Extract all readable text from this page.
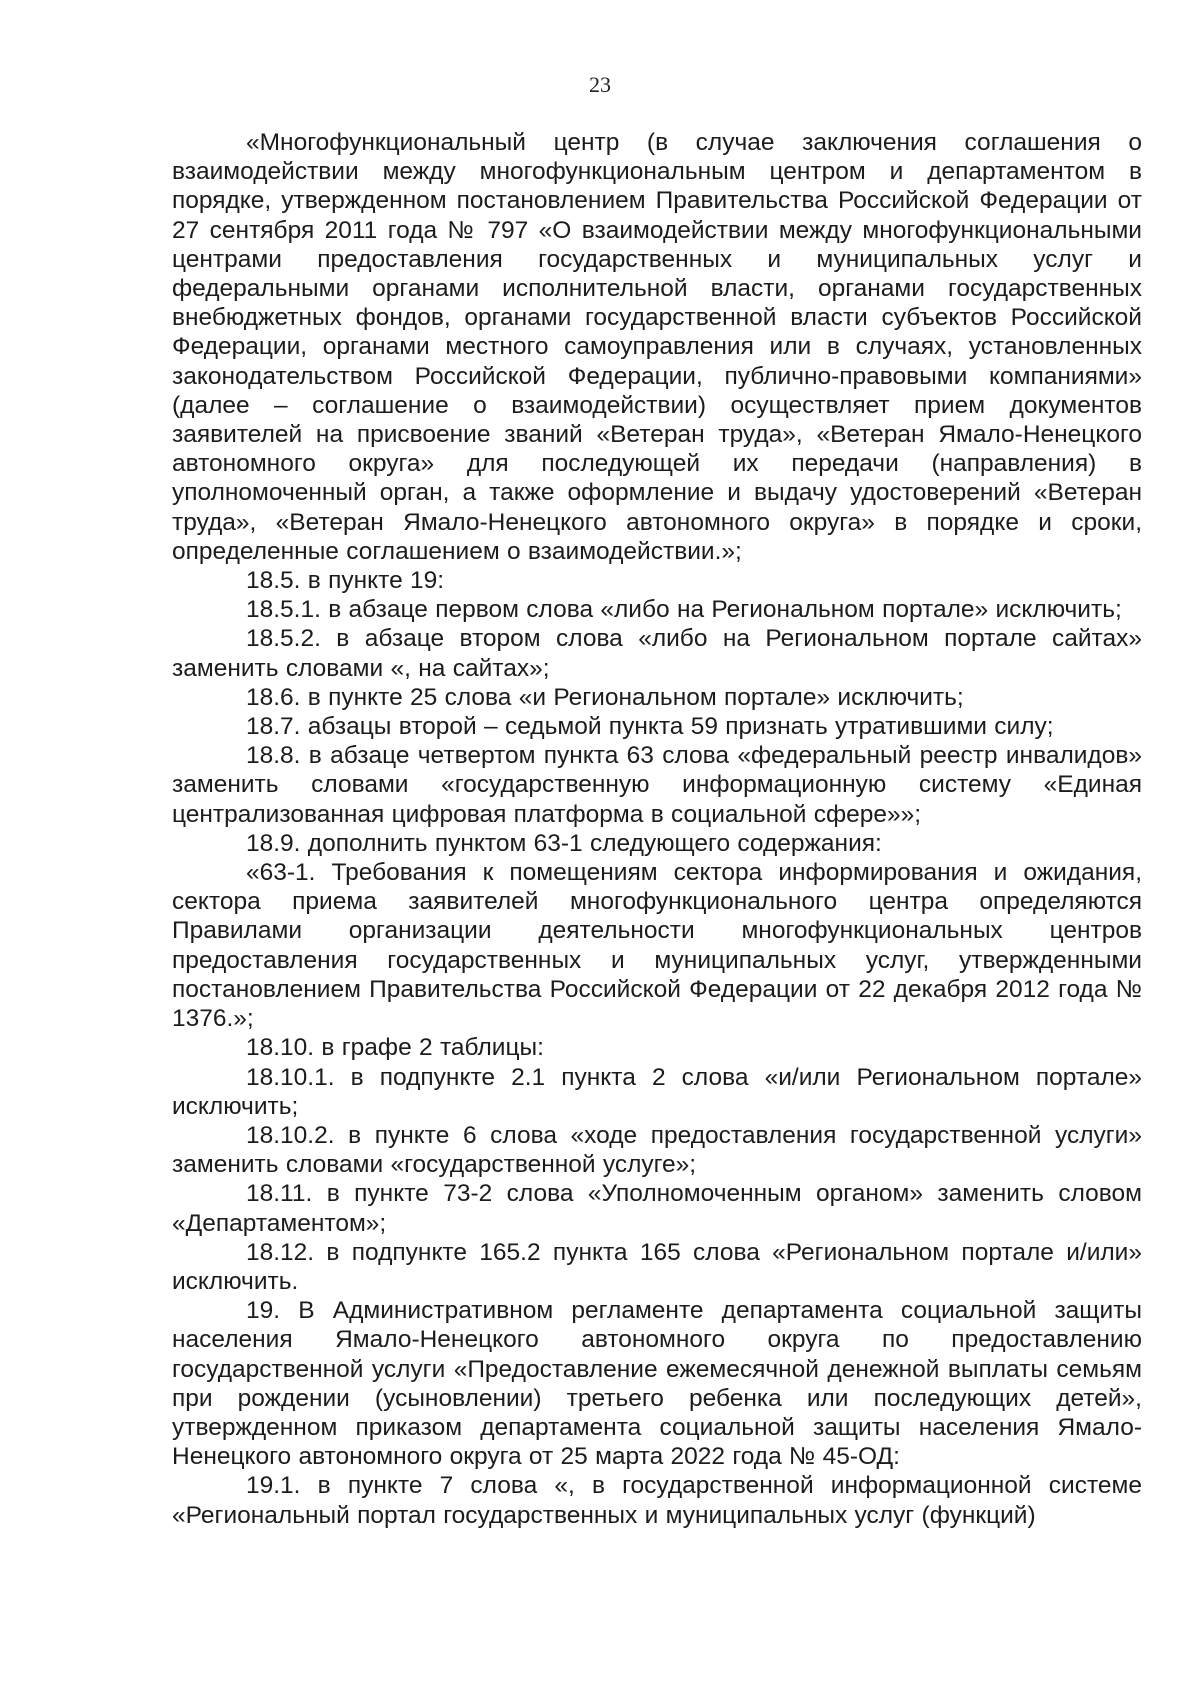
23

«Многофункциональный центр (в случае заключения соглашения о взаимодействии между многофункциональным центром и департаментом в порядке, утвержденном постановлением Правительства Российской Федерации от 27 сентября 2011 года № 797 «О взаимодействии между многофункциональными центрами предоставления государственных и муниципальных услуг и федеральными органами исполнительной власти, органами государственных внебюджетных фондов, органами государственной власти субъектов Российской Федерации, органами местного самоуправления или в случаях, установленных законодательством Российской Федерации, публично-правовыми компаниями» (далее – соглашение о взаимодействии) осуществляет прием документов заявителей на присвоение званий «Ветеран труда», «Ветеран Ямало-Ненецкого автономного округа» для последующей их передачи (направления) в уполномоченный орган, а также оформление и выдачу удостоверений «Ветеран труда», «Ветеран Ямало-Ненецкого автономного округа» в порядке и сроки, определенные соглашением о взаимодействии.»;

18.5. в пункте 19:

18.5.1. в абзаце первом слова «либо на Региональном портале» исключить;

18.5.2. в абзаце втором слова «либо на Региональном портале сайтах» заменить словами «, на сайтах»;

18.6. в пункте 25 слова «и Региональном портале» исключить;

18.7. абзацы второй – седьмой пункта 59 признать утратившими силу;

18.8. в абзаце четвертом пункта 63 слова «федеральный реестр инвалидов» заменить словами «государственную информационную систему «Единая централизованная цифровая платформа в социальной сфере»»;

18.9. дополнить пунктом 63-1 следующего содержания:

«63-1. Требования к помещениям сектора информирования и ожидания, сектора приема заявителей многофункционального центра определяются Правилами организации деятельности многофункциональных центров предоставления государственных и муниципальных услуг, утвержденными постановлением Правительства Российской Федерации от 22 декабря 2012 года № 1376.»;

18.10. в графе 2 таблицы:

18.10.1. в подпункте 2.1 пункта 2 слова «и/или Региональном портале» исключить;

18.10.2. в пункте 6 слова «ходе предоставления государственной услуги» заменить словами «государственной услуге»;

18.11. в пункте 73-2 слова «Уполномоченным органом» заменить словом «Департаментом»;

18.12. в подпункте 165.2 пункта 165 слова «Региональном портале и/или» исключить.

19. В Административном регламенте департамента социальной защиты населения Ямало-Ненецкого автономного округа по предоставлению государственной услуги «Предоставление ежемесячной денежной выплаты семьям при рождении (усыновлении) третьего ребенка или последующих детей», утвержденном приказом департамента социальной защиты населения Ямало-Ненецкого автономного округа от 25 марта 2022 года № 45-ОД:

19.1. в пункте 7 слова «, в государственной информационной системе «Региональный портал государственных и муниципальных услуг (функций)
